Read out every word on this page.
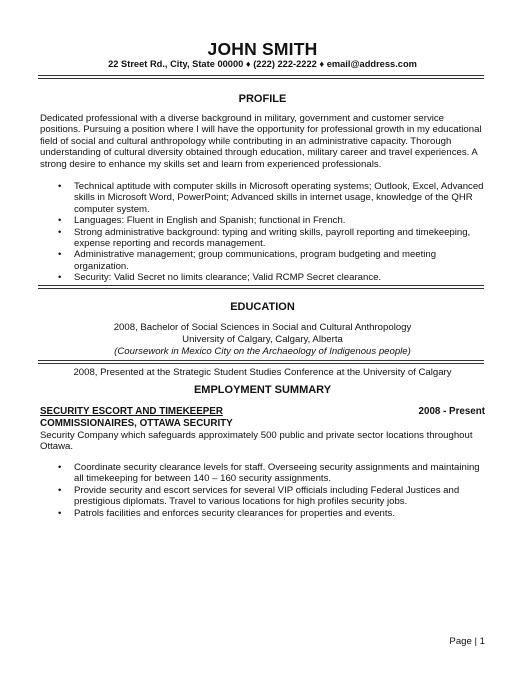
JOHN SMITH
22 Street Rd., City, State 00000 ♦ (222) 222-2222 ♦ email@address.com
PROFILE

Dedicated professional with a diverse background in military, government and customer service positions. Pursuing a position where I will have the opportunity for professional growth in my educational field of social and cultural anthropology while contributing in an administrative capacity. Thorough understanding of cultural diversity obtained through education, military career and travel experiences. A strong desire to enhance my skills set and learn from experienced professionals.

• Technical aptitude with computer skills in Microsoft operating systems; Outlook, Excel, Advanced skills in Microsoft Word, PowerPoint; Advanced skills in internet usage, knowledge of the QHR computer system.
• Languages: Fluent in English and Spanish; functional in French.
• Strong administrative background: typing and writing skills, payroll reporting and timekeeping, expense reporting and records management.
• Administrative management; group communications, program budgeting and meeting organization.
• Security: Valid Secret no limits clearance; Valid RCMP Secret clearance.
EDUCATION
2008, Bachelor of Social Sciences in Social and Cultural Anthropology
University of Calgary, Calgary, Alberta
(Coursework in Mexico City on the Archaeology of Indigenous people)
2008, Presented at the Strategic Student Studies Conference at the University of Calgary
EMPLOYMENT SUMMARY
SECURITY ESCORT AND TIMEKEEPER	2008 - Present
COMMISSIONAIRES, OTTAWA SECURITY

Security Company which safeguards approximately 500 public and private sector locations throughout Ottawa.

• Coordinate security clearance levels for staff. Overseeing security assignments and maintaining all timekeeping for between 140 – 160 security assignments.
• Provide security and escort services for several VIP officials including Federal Justices and prestigious diplomats. Travel to various locations for high profiles security jobs.
• Patrols facilities and enforces security clearances for properties and events.
Page | 1
